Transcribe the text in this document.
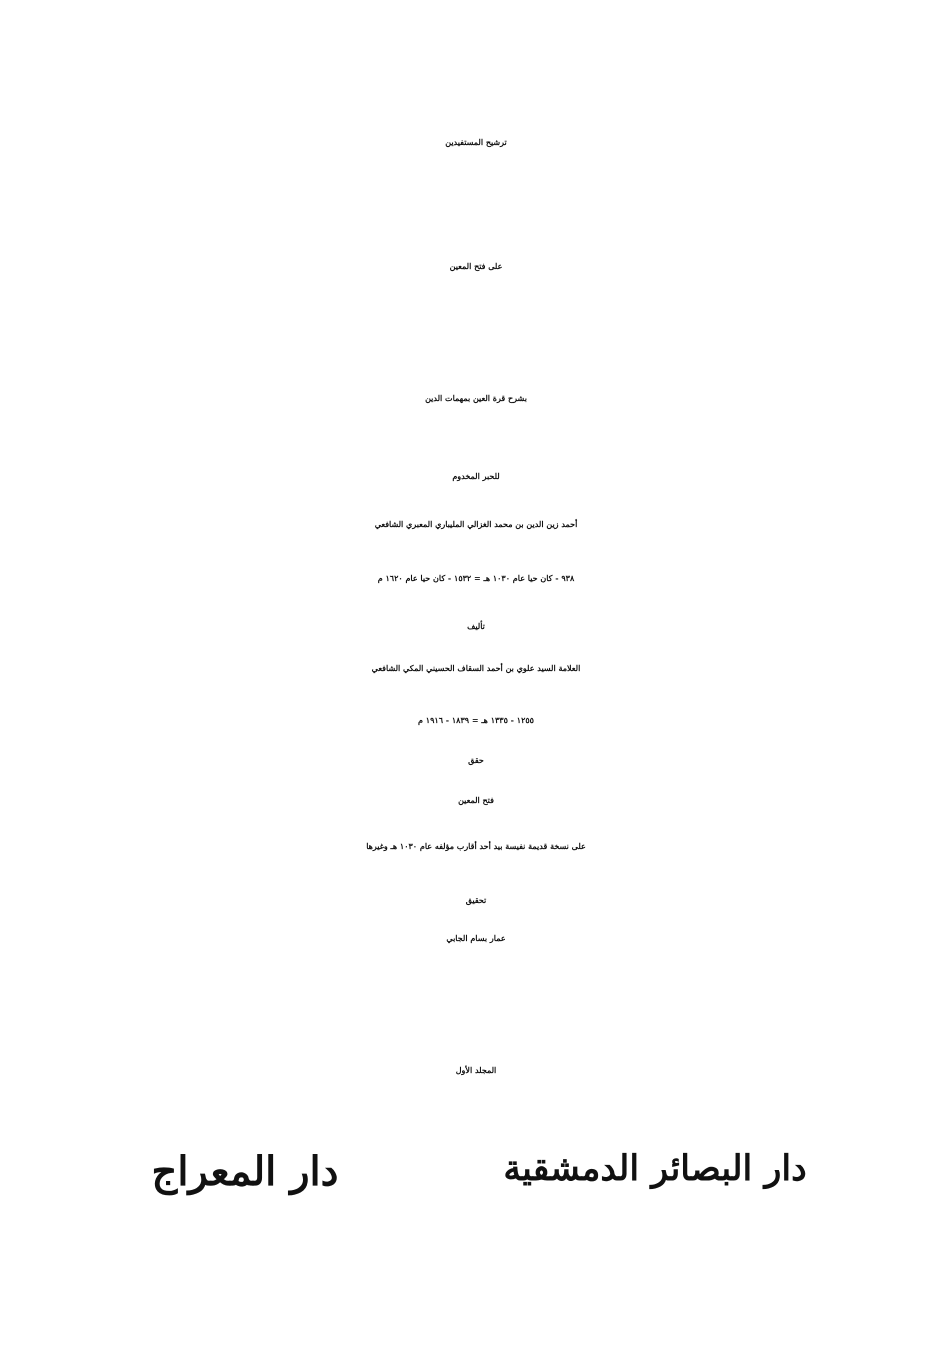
ترشيح المستفيدين
على فتح المعين
بشرح قرة العين بمهمات الدين
للحبر المخدوم
أحمد زين الدين بن محمد الغزالي المليباري المعبري الشافعي
٩٣٨ - كان حيا عام ١٠٣٠ هـ = ١٥٣٢ - كان حيا عام ١٦٢٠ م
تأليف
العلامة السيد علوي بن أحمد السقاف الحسيني المكي الشافعي
١٢٥٥ - ١٣٣٥ هـ = ١٨٣٩ - ١٩١٦ م
حقق
فتح المعين
على نسخة قديمة نفيسة بيد أحد أقارب مؤلفه عام ١٠٣٠ هـ وغيرها
تحقيق
عمار بسام الجابي
المجلد الأول
دار البصائر الدمشقية
دار المعراج
